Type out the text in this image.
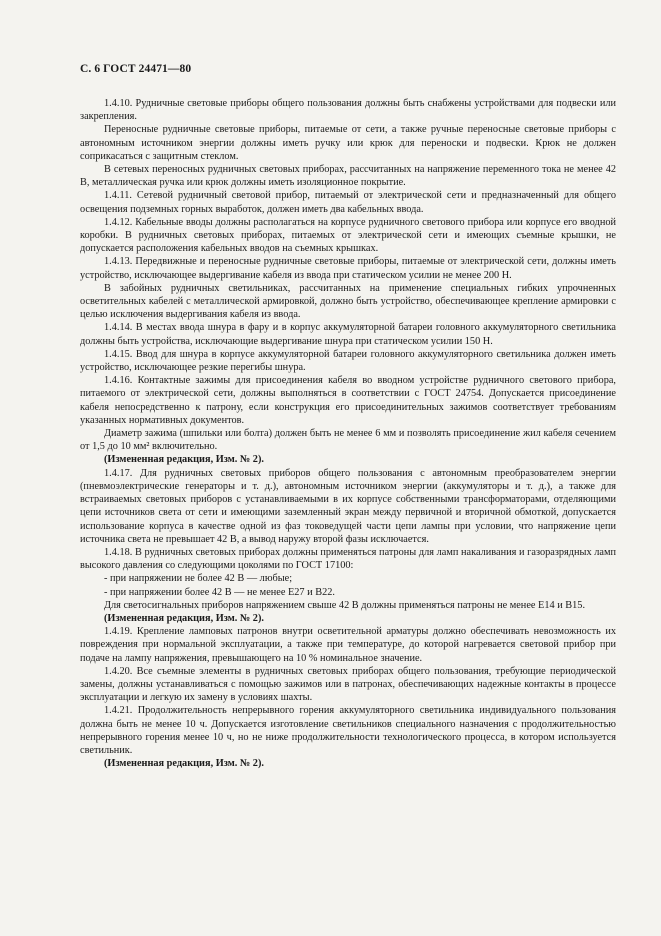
С. 6 ГОСТ 24471—80

1.4.10. Рудничные световые приборы общего пользования должны быть снабжены устройствами для подвески или закрепления.

Переносные рудничные световые приборы, питаемые от сети, а также ручные переносные световые приборы с автономным источником энергии должны иметь ручку или крюк для переноски и подвески. Крюк не должен соприкасаться с защитным стеклом.

В сетевых переносных рудничных световых приборах, рассчитанных на напряжение переменного тока не менее 42 В, металлическая ручка или крюк должны иметь изоляционное покрытие.

1.4.11. Сетевой рудничный световой прибор, питаемый от электрической сети и предназначенный для общего освещения подземных горных выработок, должен иметь два кабельных ввода.

1.4.12. Кабельные вводы должны располагаться на корпусе рудничного светового прибора или корпусе его вводной коробки. В рудничных световых приборах, питаемых от электрической сети и имеющих съемные крышки, не допускается расположения кабельных вводов на съемных крышках.

1.4.13. Передвижные и переносные рудничные световые приборы, питаемые от электрической сети, должны иметь устройство, исключающее выдергивание кабеля из ввода при статическом усилии не менее 200 Н.

В забойных рудничных светильниках, рассчитанных на применение специальных гибких упрочненных осветительных кабелей с металлической армировкой, должно быть устройство, обеспечивающее крепление армировки с целью исключения выдергивания кабеля из ввода.

1.4.14. В местах ввода шнура в фару и в корпус аккумуляторной батареи головного аккумуляторного светильника должны быть устройства, исключающие выдергивание шнура при статическом усилии 150 Н.

1.4.15. Ввод для шнура в корпусе аккумуляторной батареи головного аккумуляторного светильника должен иметь устройство, исключающее резкие перегибы шнура.

1.4.16. Контактные зажимы для присоединения кабеля во вводном устройстве рудничного светового прибора, питаемого от электрической сети, должны выполняться в соответствии с ГОСТ 24754. Допускается присоединение кабеля непосредственно к патрону, если конструкция его присоединительных зажимов соответствует требованиям указанных нормативных документов.

Диаметр зажима (шпильки или болта) должен быть не менее 6 мм и позволять присоединение жил кабеля сечением от 1,5 до 10 мм² включительно.

(Измененная редакция, Изм. № 2).

1.4.17. Для рудничных световых приборов общего пользования с автономным преобразователем энергии (пневмоэлектрические генераторы и т. д.), автономным источником энергии (аккумуляторы и т. д.), а также для встраиваемых световых приборов с устанавливаемыми в их корпусе собственными трансформаторами, отделяющими цепи источников света от сети и имеющими заземленный экран между первичной и вторичной обмоткой, допускается использование корпуса в качестве одной из фаз токоведущей части цепи лампы при условии, что напряжение цепи источника света не превышает 42 В, а вывод наружу второй фазы исключается.

1.4.18. В рудничных световых приборах должны применяться патроны для ламп накаливания и газоразрядных ламп высокого давления со следующими цоколями по ГОСТ 17100:

- при напряжении не более 42 В — любые;

- при напряжении более 42 В — не менее Е27 и В22.

Для светосигнальных приборов напряжением свыше 42 В должны применяться патроны не менее Е14 и В15.

(Измененная редакция, Изм. № 2).

1.4.19. Крепление ламповых патронов внутри осветительной арматуры должно обеспечивать невозможность их повреждения при нормальной эксплуатации, а также при температуре, до которой нагревается световой прибор при подаче на лампу напряжения, превышающего на 10 % номинальное значение.

1.4.20. Все съемные элементы в рудничных световых приборах общего пользования, требующие периодической замены, должны устанавливаться с помощью зажимов или в патронах, обеспечивающих надежные контакты в процессе эксплуатации и легкую их замену в условиях шахты.

1.4.21. Продолжительность непрерывного горения аккумуляторного светильника индивидуального пользования должна быть не менее 10 ч. Допускается изготовление светильников специального назначения с продолжительностью непрерывного горения менее 10 ч, но не ниже продолжительности технологического процесса, в котором используется светильник.

(Измененная редакция, Изм. № 2).
